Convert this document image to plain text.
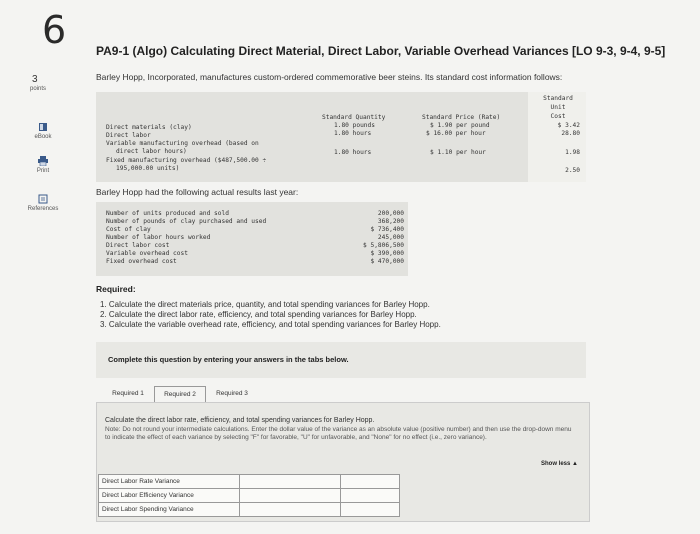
6
3
points
eBook
Print
References
PA9-1 (Algo) Calculating Direct Material, Direct Labor, Variable Overhead Variances [LO 9-3, 9-4, 9-5]
Barley Hopp, Incorporated, manufactures custom-ordered commemorative beer steins. Its standard cost information follows:
Standard Quantity	Standard Price (Rate)
Standard
Unit
Cost
Direct materials (clay)	1.80 pounds	$ 1.90 per pound	$ 3.42
Direct labor	1.80 hours	$ 16.00 per hour	28.80
Variable manufacturing overhead (based on
direct labor hours)	1.80 hours	$ 1.10 per hour	1.98
Fixed manufacturing overhead ($487,500.00 ÷
195,000.00 units)	2.50
Barley Hopp had the following actual results last year:
Number of units produced and sold	200,000
Number of pounds of clay purchased and used	368,200
Cost of clay	$ 736,400
Number of labor hours worked	245,000
Direct labor cost	$ 5,806,500
Variable overhead cost	$ 390,000
Fixed overhead cost	$ 470,000
Required:
1. Calculate the direct materials price, quantity, and total spending variances for Barley Hopp.
2. Calculate the direct labor rate, efficiency, and total spending variances for Barley Hopp.
3. Calculate the variable overhead rate, efficiency, and total spending variances for Barley Hopp.
Complete this question by entering your answers in the tabs below.
Required 1	Required 2	Required 3
Calculate the direct labor rate, efficiency, and total spending variances for Barley Hopp.
Note: Do not round your intermediate calculations. Enter the dollar value of the variance as an absolute value (positive number) and then use the drop-down menu to indicate the effect of each variance by selecting "F" for favorable, "U" for unfavorable, and "None" for no effect (i.e., zero variance).
Show less ▲
Direct Labor Rate Variance		
Direct Labor Efficiency Variance		
Direct Labor Spending Variance		
